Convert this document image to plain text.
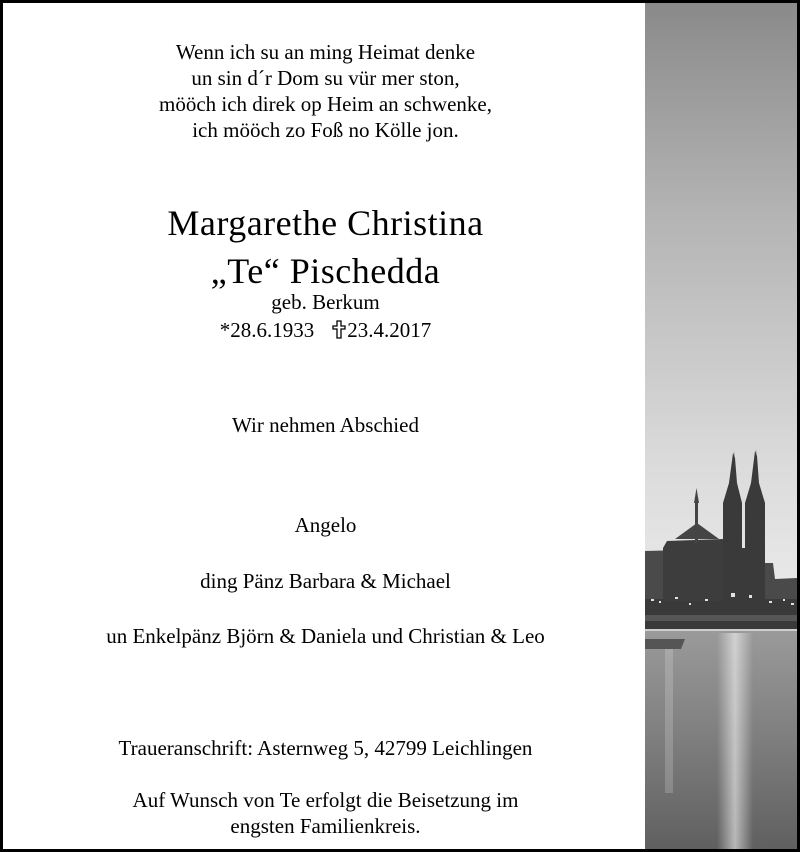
Wenn ich su an ming Heimat denke
un sin d´r Dom su vür mer ston,
mööch ich direk op Heim an schwenke,
ich mööch zo Foß no Kölle jon.
Margarethe Christina
„Te“ Pischedda
geb. Berkum
*28.6.1933 23.4.2017
Wir nehmen Abschied
Angelo
ding Pänz Barbara & Michael
un Enkelpänz Björn & Daniela und Christian & Leo
Traueranschrift: Asternweg 5, 42799 Leichlingen
Auf Wunsch von Te erfolgt die Beisetzung im
engsten Familienkreis.
